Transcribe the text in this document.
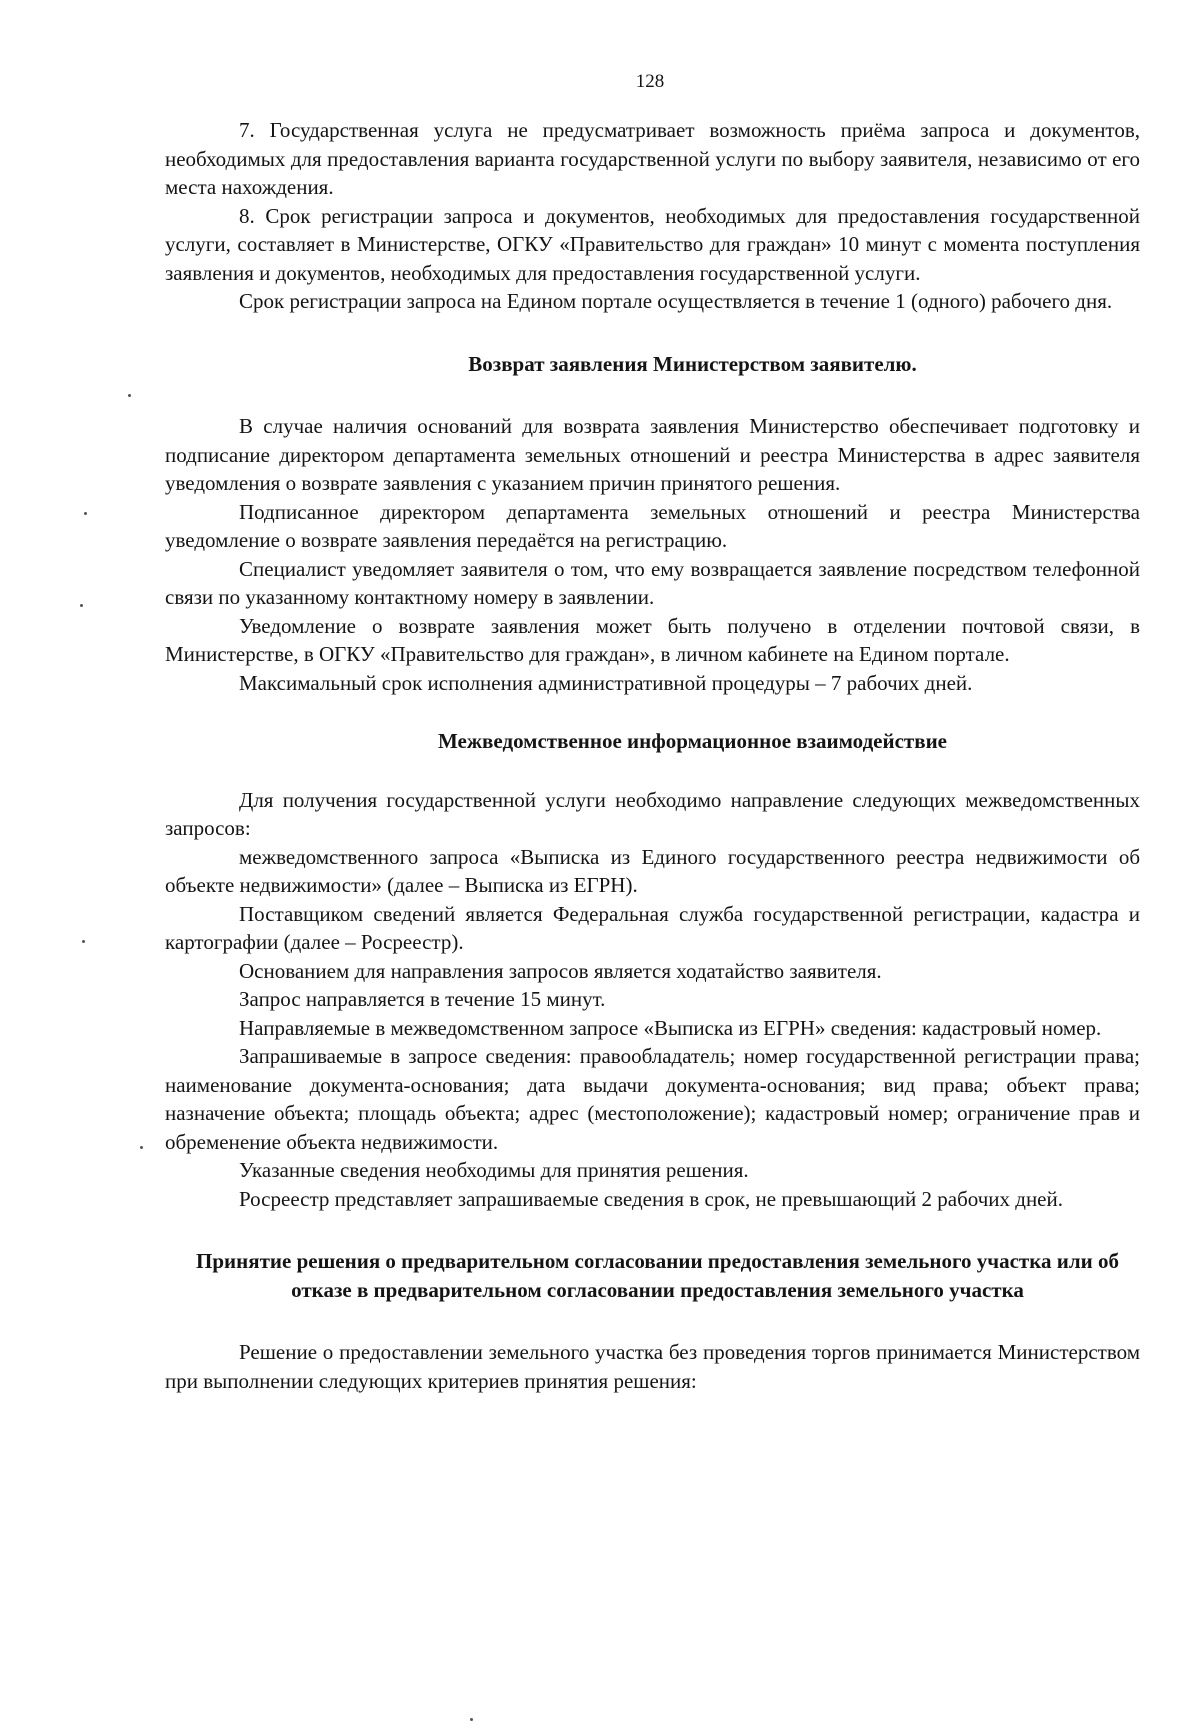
128

7. Государственная услуга не предусматривает возможность приёма запроса и документов, необходимых для предоставления варианта государственной услуги по выбору заявителя, независимо от его места нахождения.

8. Срок регистрации запроса и документов, необходимых для предоставления государственной услуги, составляет в Министерстве, ОГКУ «Правительство для граждан» 10 минут с момента поступления заявления и документов, необходимых для предоставления государственной услуги.

Срок регистрации запроса на Едином портале осуществляется в течение 1 (одного) рабочего дня.

Возврат заявления Министерством заявителю.

В случае наличия оснований для возврата заявления Министерство обеспечивает подготовку и подписание директором департамента земельных отношений и реестра Министерства в адрес заявителя уведомления о возврате заявления с указанием причин принятого решения.

Подписанное директором департамента земельных отношений и реестра Министерства уведомление о возврате заявления передаётся на регистрацию.

Специалист уведомляет заявителя о том, что ему возвращается заявление посредством телефонной связи по указанному контактному номеру в заявлении.

Уведомление о возврате заявления может быть получено в отделении почтовой связи, в Министерстве, в ОГКУ «Правительство для граждан», в личном кабинете на Едином портале.

Максимальный срок исполнения административной процедуры – 7 рабочих дней.

Межведомственное информационное взаимодействие

Для получения государственной услуги необходимо направление следующих межведомственных запросов:

межведомственного запроса «Выписка из Единого государственного реестра недвижимости об объекте недвижимости» (далее – Выписка из ЕГРН).

Поставщиком сведений является Федеральная служба государственной регистрации, кадастра и картографии (далее – Росреестр).

Основанием для направления запросов является ходатайство заявителя.

Запрос направляется в течение 15 минут.

Направляемые в межведомственном запросе «Выписка из ЕГРН» сведения: кадастровый номер.

Запрашиваемые в запросе сведения: правообладатель; номер государственной регистрации права; наименование документа-основания; дата выдачи документа-основания; вид права; объект права; назначение объекта; площадь объекта; адрес (местоположение); кадастровый номер; ограничение прав и обременение объекта недвижимости.

Указанные сведения необходимы для принятия решения.

Росреестр представляет запрашиваемые сведения в срок, не превышающий 2 рабочих дней.

Принятие решения о предварительном согласовании предоставления земельного участка или об отказе в предварительном согласовании предоставления земельного участка

Решение о предоставлении земельного участка без проведения торгов принимается Министерством при выполнении следующих критериев принятия решения:
